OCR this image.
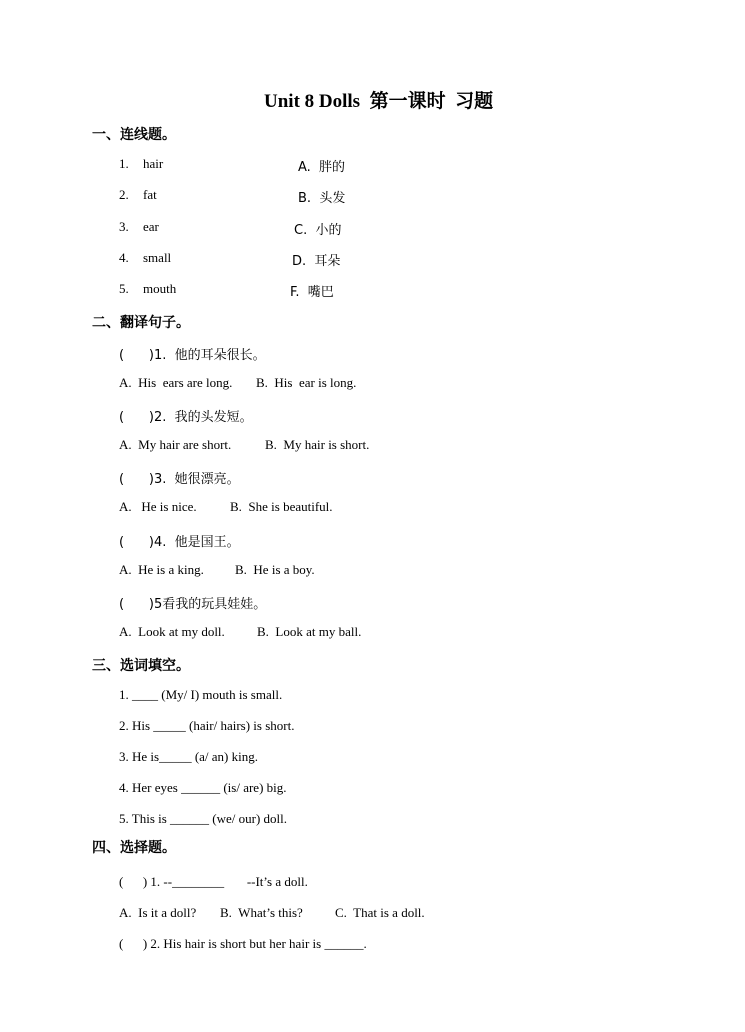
Unit 8 Dolls  第一课时  习题
一、连线题。
1. hair	A.  胖的
2. fat	B.  头发
3. ear	C.  小的
4. small	D.  耳朵
5. mouth	F.  嘴巴
二、翻译句子。
(      )1.  他的耳朵很长。
A.  His  ears are long. B.  His  ear is long.
(      )2.  我的头发短。
A.  My hair are short.	B.  My hair is short.
(      )3.  她很漂亮。
A.   He is nice.	B.  She is beautiful.
(      )4.  他是国王。
A.  He is a king. B.  He is a boy.
(      )5看我的玩具娃娃。
A.  Look at my doll. B.  Look at my ball.
三、选词填空。
1. ____ (My/ I) mouth is small.
2. His _____ (hair/ hairs) is short.
3. He is_____ (a/ an) king.
4. Her eyes ______ (is/ are) big.
5. This is ______ (we/ our) doll.
四、选择题。
(      ) 1. --________       --It’s a doll.
A.  Is it a doll? B.  What’s this? C.  That is a doll.
(      ) 2. His hair is short but her hair is ______.
